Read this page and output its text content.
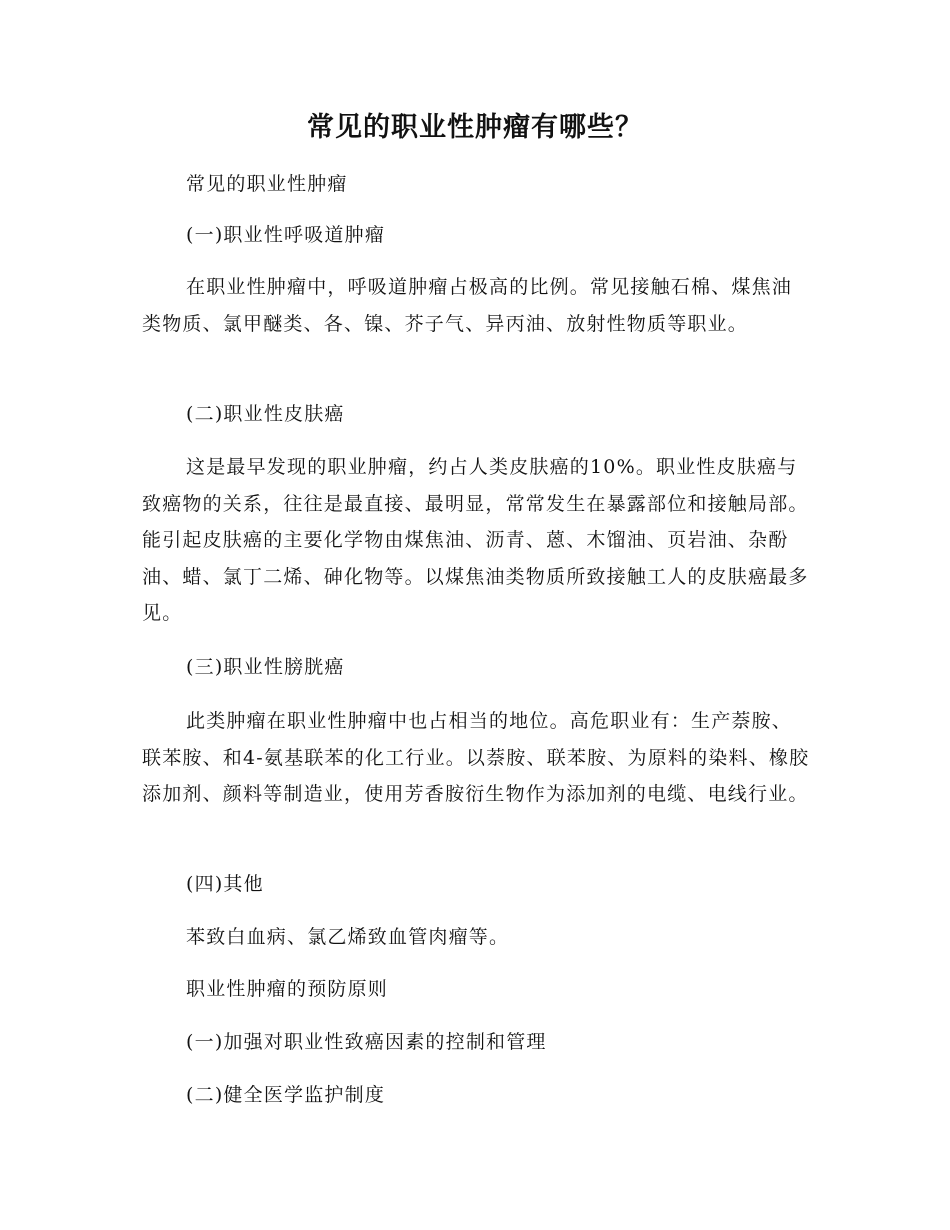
常见的职业性肿瘤有哪些？

常见的职业性肿瘤

(一)职业性呼吸道肿瘤

在职业性肿瘤中，呼吸道肿瘤占极高的比例。常见接触石棉、煤焦油类物质、氯甲醚类、各、镍、芥子气、异丙油、放射性物质等职业。

(二)职业性皮肤癌

这是最早发现的职业肿瘤，约占人类皮肤癌的10%。职业性皮肤癌与致癌物的关系，往往是最直接、最明显，常常发生在暴露部位和接触局部。能引起皮肤癌的主要化学物由煤焦油、沥青、蒽、木馏油、页岩油、杂酚油、蜡、氯丁二烯、砷化物等。以煤焦油类物质所致接触工人的皮肤癌最多见。

(三)职业性膀胱癌

此类肿瘤在职业性肿瘤中也占相当的地位。高危职业有：生产萘胺、联苯胺、和4-氨基联苯的化工行业。以萘胺、联苯胺、为原料的染料、橡胶添加剂、颜料等制造业，使用芳香胺衍生物作为添加剂的电缆、电线行业。

(四)其他

苯致白血病、氯乙烯致血管肉瘤等。

职业性肿瘤的预防原则

(一)加强对职业性致癌因素的控制和管理

(二)健全医学监护制度
